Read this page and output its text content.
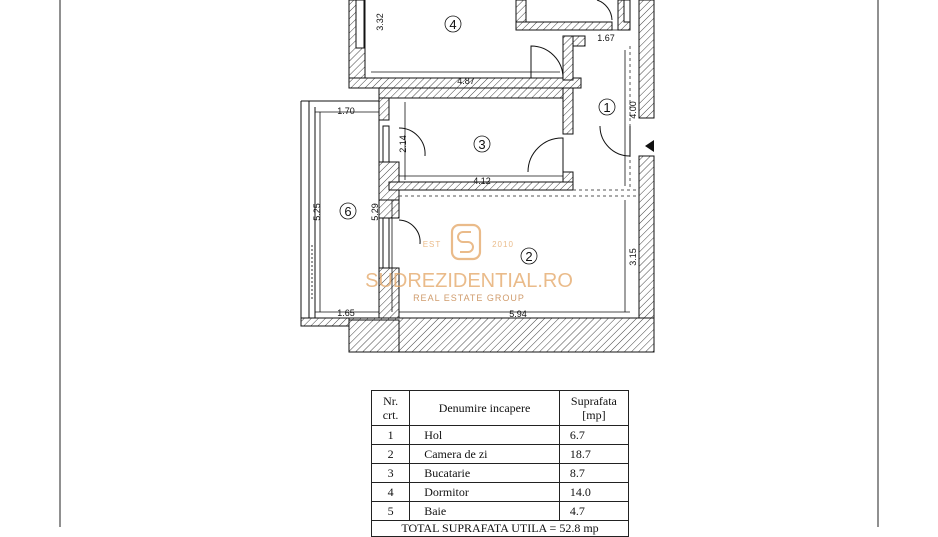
3.32
1.67
4.87
1.70	4.00
2.14
4.12
5.25	5.29
3.15
1.65	5.94
4
1
3
6
2
EST	2010
SUDREZIDENTIAL.RO
REAL ESTATE GROUP
Nr. crt.	Denumire incapere	Suprafata [mp]
1	Hol	6.7
2	Camera de zi	18.7
3	Bucatarie	8.7
4	Dormitor	14.0
5	Baie	4.7
TOTAL SUPRAFATA UTILA = 52.8 mp		
